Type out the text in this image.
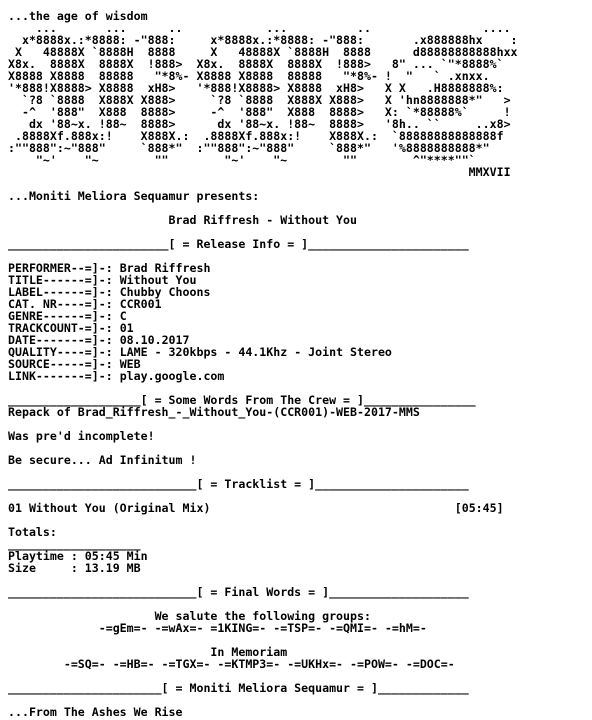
...the age of wisdom
...       ...      ..            ...          ..                ....
x*8888x.:*8888: -"888:     x*8888x.:*8888: -"888:       .x888888hx    :
X   48888X `8888H  8888     X   48888X `8888H  8888      d88888888888hxx
X8x.  8888X  8888X  !888>  X8x.  8888X  8888X  !888>   8" ... `"*8888%`
X8888 X8888  88888   "*8%- X8888 X8888  88888   "*8%- !  "   ` .xnxx.
'*888!X8888> X8888  xH8>   '*888!X8888> X8888  xH8>   X X   .H8888888%:
`?8 `8888  X888X X888>     `?8 `8888  X888X X888>   X 'hn8888888*"   >
-^  '888"  X888  8888>     -^  '888"  X888  8888>   X: `*88888%`     !
dx '88~x. !88~  8888>      dx '88~x. !88~  8888>   '8h.. ``     ..x8>
.8888Xf.888x:!    X888X.:  .8888Xf.888x:!    X888X.:  `88888888888888f
:""888":~"888"     `888*"  :""888":~"888"     `888*"   '%8888888888*"
"~'    "~        ""        "~'    "~        ""        ^"****""`
MMXVII
...Moniti Meliora Sequamur presents:
Brad Riffresh - Without You
_______________________[ = Release Info = ]_______________________
PERFORMER--=]-: Brad Riffresh
TITLE------=]-: Without You
LABEL------=]-: Chubby Choons
CAT. NR----=]-: CCR001
GENRE------=]-: C
TRACKCOUNT-=]-: 01
DATE-------=]-: 08.10.2017
QUALITY----=]-: LAME - 320kbps - 44.1Khz - Joint Stereo
SOURCE-----=]-: WEB
LINK-------=]-: play.google.com
___________________[ = Some Words From The Crew = ]________________
Repack of Brad_Riffresh_-_Without_You-(CCR001)-WEB-2017-MMS
Was pre'd incomplete!
Be secure... Ad Infinitum !
___________________________[ = Tracklist = ]______________________
01 Without You (Original Mix)	[05:45]
Totals:
___________________
Playtime : 05:45 Min
Size     : 13.19 MB
___________________________[ = Final Words = ]____________________
We salute the following groups:
-=gEm=- -=wAx=- =1KING=- -=TSP=- -=QMI=- -=hM=-
In Memoriam
-=SQ=- -=HB=- -=TGX=- -=KTMP3=- -=UKHx=- -=POW=- -=DOC=-
______________________[ = Moniti Meliora Sequamur = ]_____________
...From The Ashes We Rise
